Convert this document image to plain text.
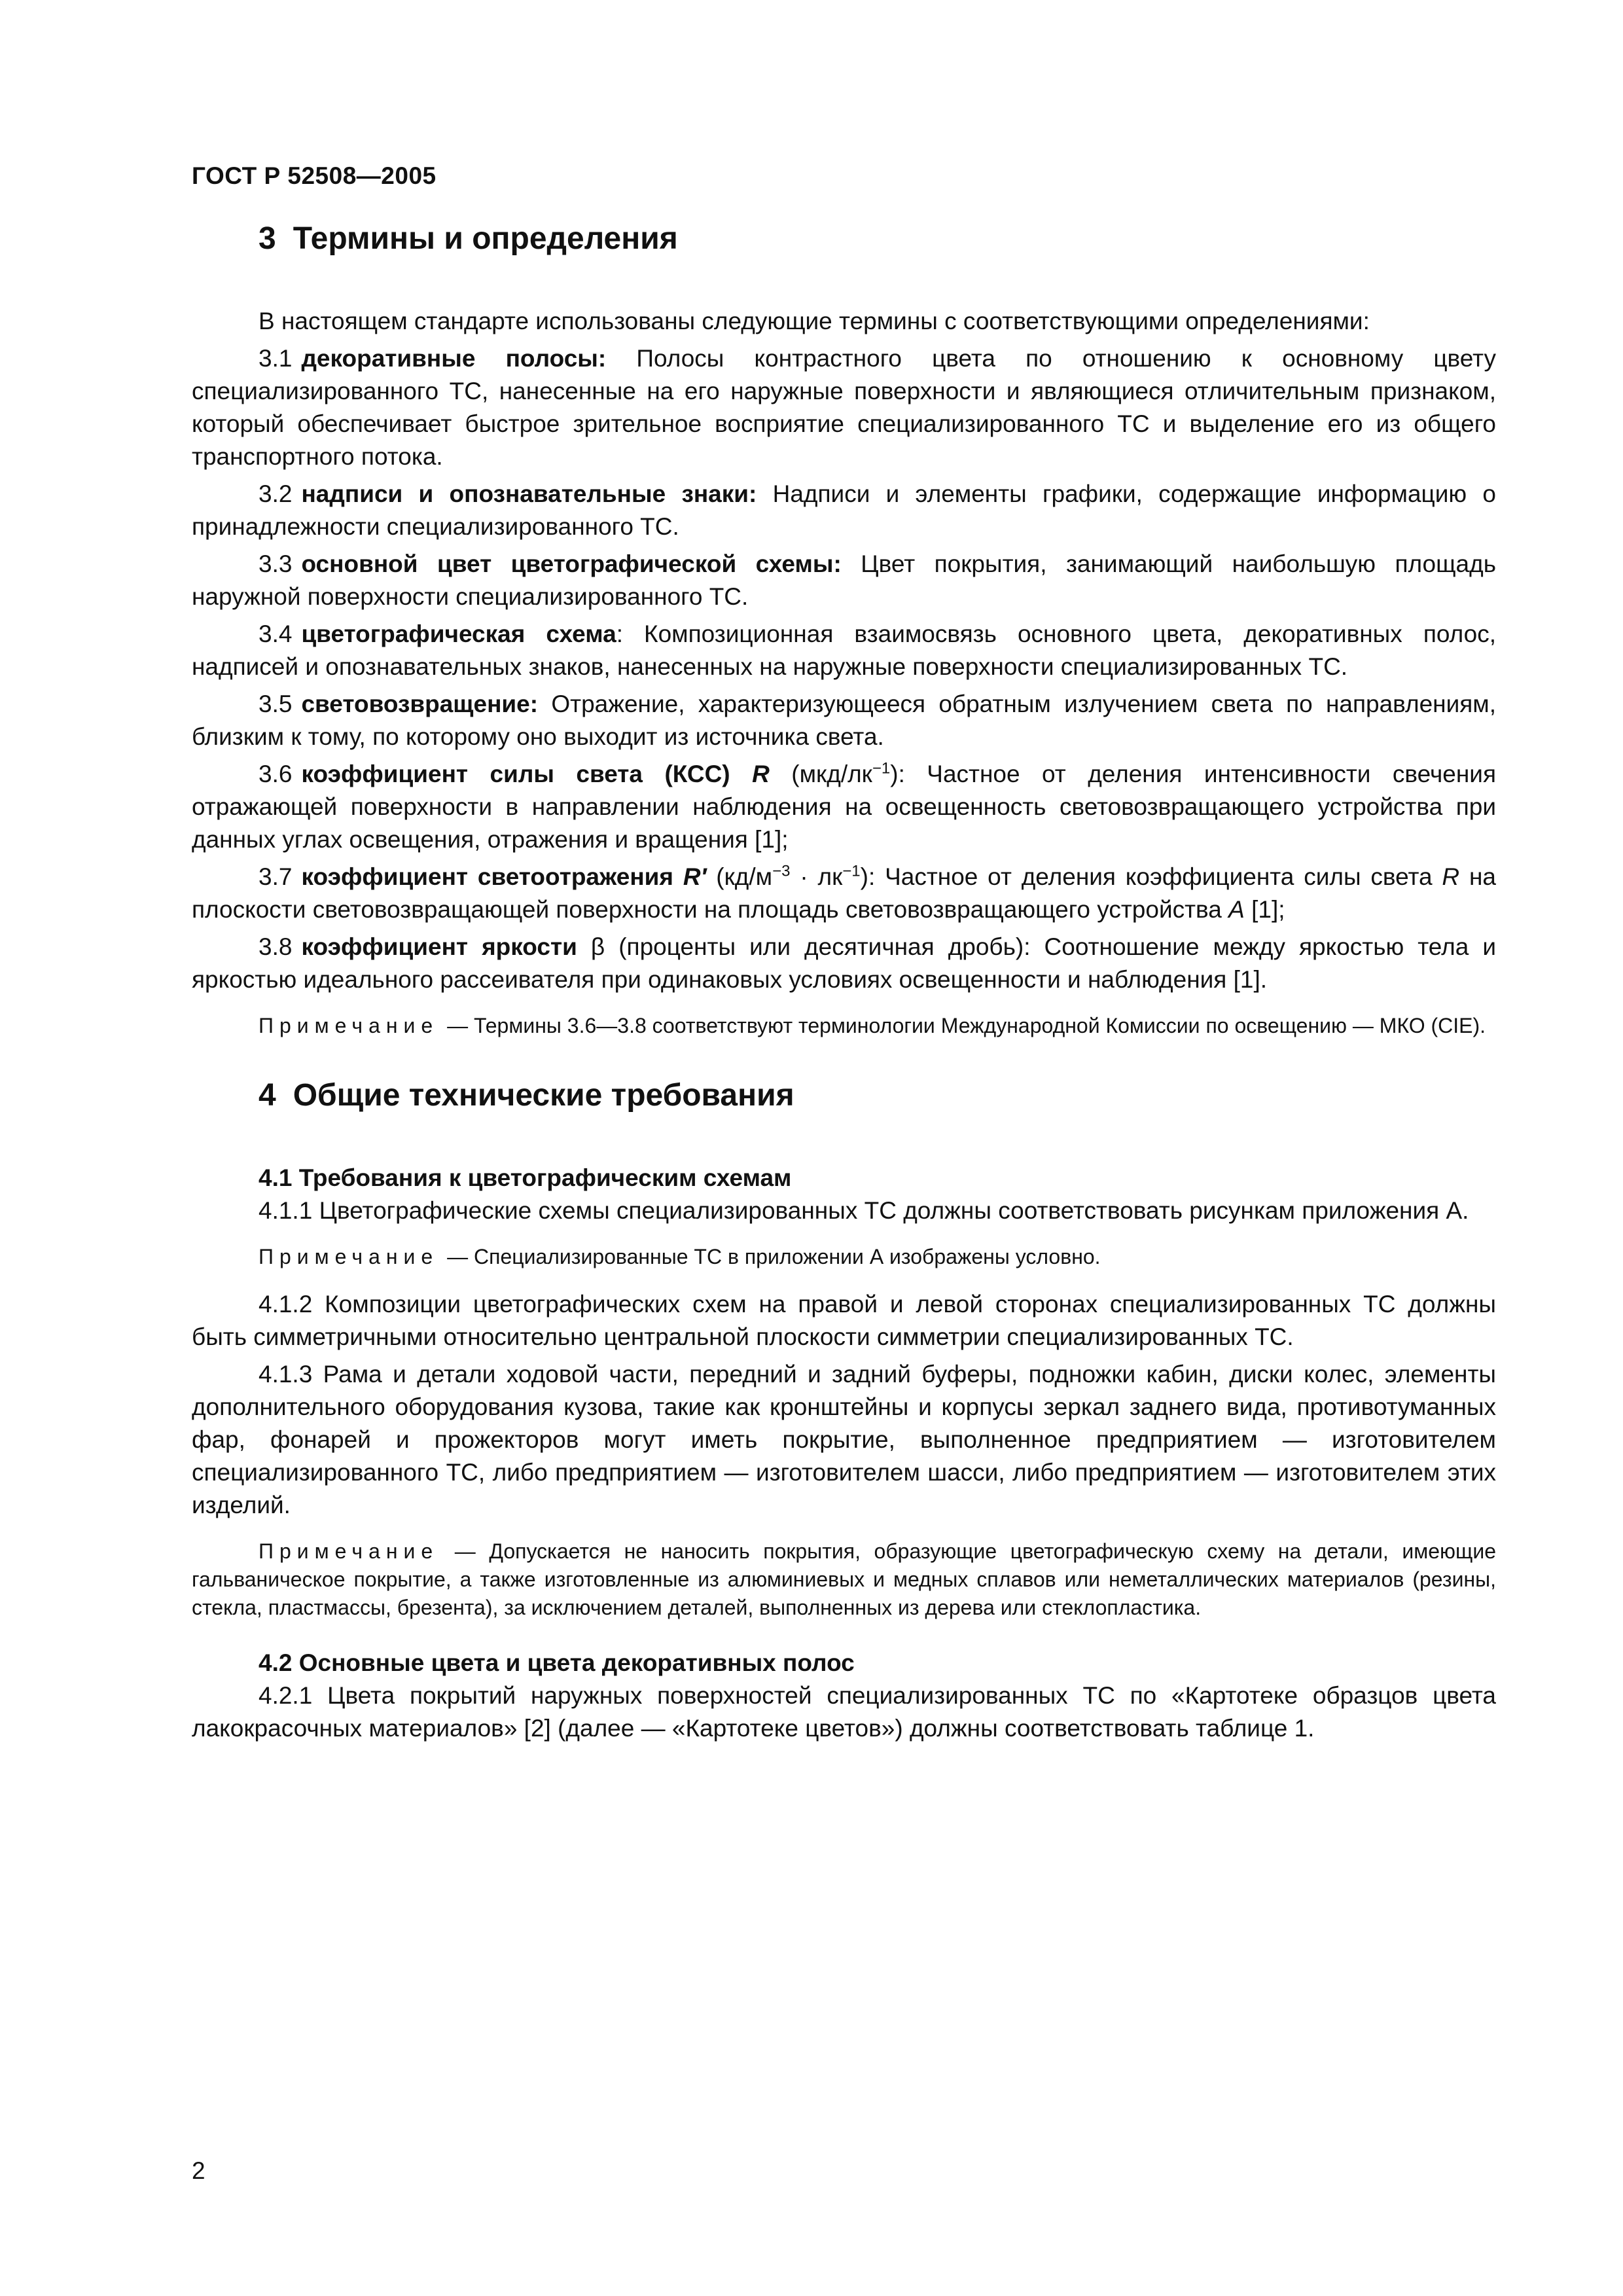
ГОСТ Р 52508—2005
3 Термины и определения

В настоящем стандарте использованы следующие термины с соответствующими определениями:

3.1 декоративные полосы: Полосы контрастного цвета по отношению к основному цвету специализированного ТС, нанесенные на его наружные поверхности и являющиеся отличительным признаком, который обеспечивает быстрое зрительное восприятие специализированного ТС и выделение его из общего транспортного потока.

3.2 надписи и опознавательные знаки: Надписи и элементы графики, содержащие информацию о принадлежности специализированного ТС.

3.3 основной цвет цветографической схемы: Цвет покрытия, занимающий наибольшую площадь наружной поверхности специализированного ТС.

3.4 цветографическая схема: Композиционная взаимосвязь основного цвета, декоративных полос, надписей и опознавательных знаков, нанесенных на наружные поверхности специализированных ТС.

3.5 световозвращение: Отражение, характеризующееся обратным излучением света по направлениям, близким к тому, по которому оно выходит из источника света.

3.6 коэффициент силы света (КСС) R $(мкд/лк^{-1})$: Частное от деления интенсивности свечения отражающей поверхности в направлении наблюдения на освещенность световозвращающего устройства при данных углах освещения, отражения и вращения [1];

3.7 коэффициент светоотражения R′ $(кд/м^{-3} \cdot лк^{-1})$: Частное от деления коэффициента силы света R на плоскости световозвращающей поверхности на площадь световозвращающего устройства A [1];

3.8 коэффициент яркости β (проценты или десятичная дробь): Соотношение между яркостью тела и яркостью идеального рассеивателя при одинаковых условиях освещенности и наблюдения [1].

Примечание — Термины 3.6—3.8 соответствуют терминологии Международной Комиссии по освещению — МКО (CIE).

4 Общие технические требования
4.1 Требования к цветографическим схемам

4.1.1 Цветографические схемы специализированных ТС должны соответствовать рисункам приложения А.

Примечание — Специализированные ТС в приложении А изображены условно.

4.1.2 Композиции цветографических схем на правой и левой сторонах специализированных ТС должны быть симметричными относительно центральной плоскости симметрии специализированных ТС.

4.1.3 Рама и детали ходовой части, передний и задний буферы, подножки кабин, диски колес, элементы дополнительного оборудования кузова, такие как кронштейны и корпусы зеркал заднего вида, противотуманных фар, фонарей и прожекторов могут иметь покрытие, выполненное предприятием — изготовителем специализированного ТС, либо предприятием — изготовителем шасси, либо предприятием — изготовителем этих изделий.

Примечание — Допускается не наносить покрытия, образующие цветографическую схему на детали, имеющие гальваническое покрытие, а также изготовленные из алюминиевых и медных сплавов или неметаллических материалов (резины, стекла, пластмассы, брезента), за исключением деталей, выполненных из дерева или стеклопластика.

4.2 Основные цвета и цвета декоративных полос

4.2.1 Цвета покрытий наружных поверхностей специализированных ТС по «Картотеке образцов цвета лакокрасочных материалов» [2] (далее — «Картотеке цветов») должны соответствовать таблице 1.

2
